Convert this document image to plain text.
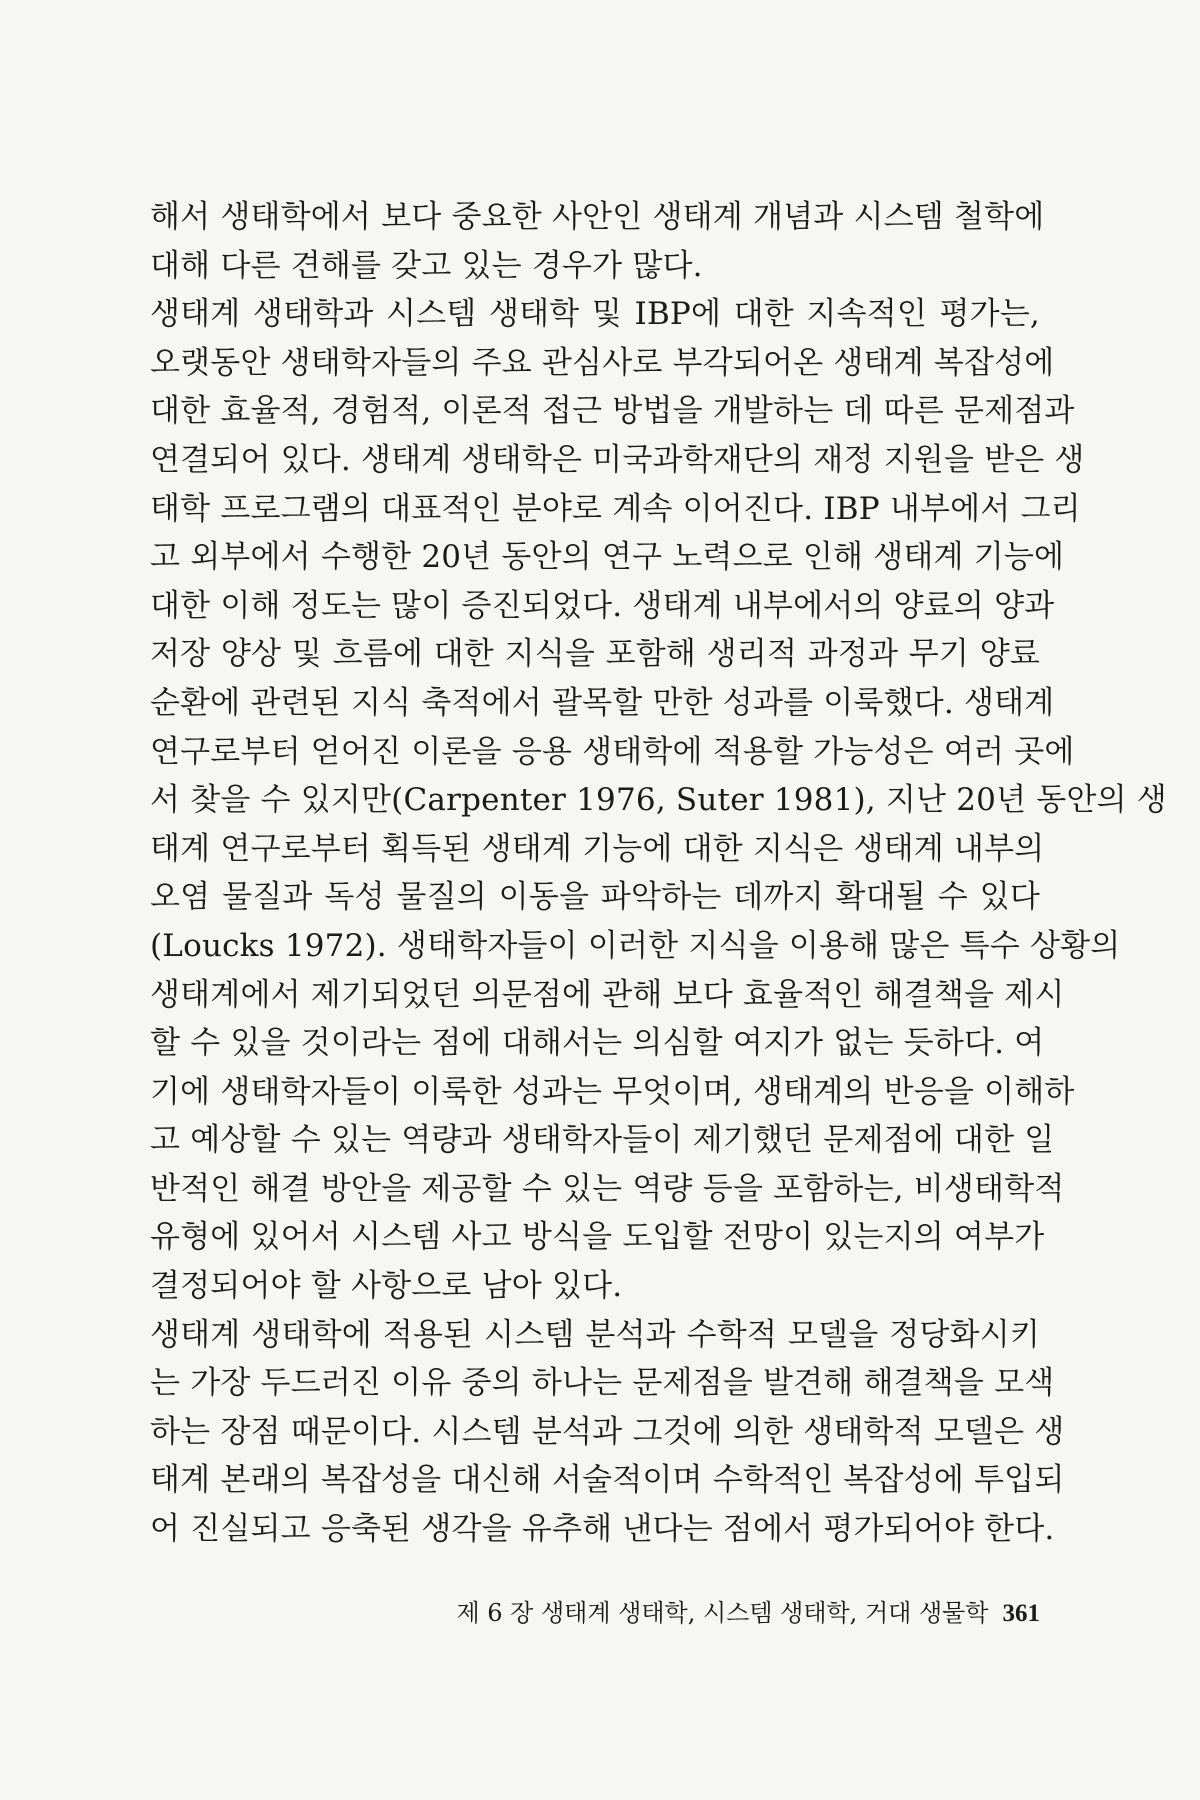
해서 생태학에서 보다 중요한 사안인 생태계 개념과 시스템 철학에
대해 다른 견해를 갖고 있는 경우가 많다.
생태계 생태학과 시스템 생태학 및 IBP에 대한 지속적인 평가는,
오랫동안 생태학자들의 주요 관심사로 부각되어온 생태계 복잡성에
대한 효율적, 경험적, 이론적 접근 방법을 개발하는 데 따른 문제점과
연결되어 있다. 생태계 생태학은 미국과학재단의 재정 지원을 받은 생
태학 프로그램의 대표적인 분야로 계속 이어진다. IBP 내부에서 그리
고 외부에서 수행한 20년 동안의 연구 노력으로 인해 생태계 기능에
대한 이해 정도는 많이 증진되었다. 생태계 내부에서의 양료의 양과
저장 양상 및 흐름에 대한 지식을 포함해 생리적 과정과 무기 양료
순환에 관련된 지식 축적에서 괄목할 만한 성과를 이룩했다. 생태계
연구로부터 얻어진 이론을 응용 생태학에 적용할 가능성은 여러 곳에
서 찾을 수 있지만(Carpenter 1976, Suter 1981), 지난 20년 동안의 생
태계 연구로부터 획득된 생태계 기능에 대한 지식은 생태계 내부의
오염 물질과 독성 물질의 이동을 파악하는 데까지 확대될 수 있다
(Loucks 1972). 생태학자들이 이러한 지식을 이용해 많은 특수 상황의
생태계에서 제기되었던 의문점에 관해 보다 효율적인 해결책을 제시
할 수 있을 것이라는 점에 대해서는 의심할 여지가 없는 듯하다. 여
기에 생태학자들이 이룩한 성과는 무엇이며, 생태계의 반응을 이해하
고 예상할 수 있는 역량과 생태학자들이 제기했던 문제점에 대한 일
반적인 해결 방안을 제공할 수 있는 역량 등을 포함하는, 비생태학적
유형에 있어서 시스템 사고 방식을 도입할 전망이 있는지의 여부가
결정되어야 할 사항으로 남아 있다.
생태계 생태학에 적용된 시스템 분석과 수학적 모델을 정당화시키
는 가장 두드러진 이유 중의 하나는 문제점을 발견해 해결책을 모색
하는 장점 때문이다. 시스템 분석과 그것에 의한 생태학적 모델은 생
태계 본래의 복잡성을 대신해 서술적이며 수학적인 복잡성에 투입되
어 진실되고 응축된 생각을 유추해 낸다는 점에서 평가되어야 한다.
제 6 장 생태계 생태학, 시스템 생태학, 거대 생물학 361
